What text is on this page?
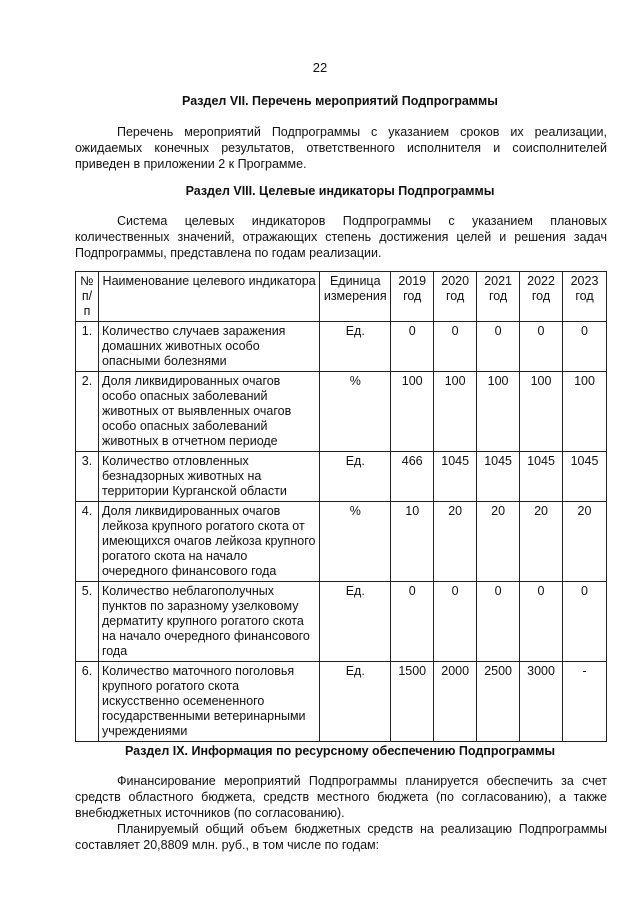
22
Раздел VII. Перечень мероприятий Подпрограммы
Перечень мероприятий Подпрограммы с указанием сроков их реализации, ожидаемых конечных результатов, ответственного исполнителя и соисполнителей приведен в приложении 2 к Программе.
Раздел VIII. Целевые индикаторы Подпрограммы
Система целевых индикаторов Подпрограммы с указанием плановых количественных значений, отражающих степень достижения целей и решения задач Подпрограммы, представлена по годам реализации.
№ п/п	Наименование целевого индикатора	Единица измерения	2019 год	2020 год	2021 год	2022 год	2023 год
1.	Количество случаев заражения домашних животных особо опасными болезнями	Ед.	0	0	0	0	0
2.	Доля ликвидированных очагов особо опасных заболеваний животных от выявленных очагов особо опасных заболеваний животных в отчетном периоде	%	100	100	100	100	100
3.	Количество отловленных безнадзорных животных на территории Курганской области	Ед.	466	1045	1045	1045	1045
4.	Доля ликвидированных очагов лейкоза крупного рогатого скота от имеющихся очагов лейкоза крупного рогатого скота на начало очередного финансового года	%	10	20	20	20	20
5.	Количество неблагополучных пунктов по заразному узелковому дерматиту крупного рогатого скота на начало очередного финансового года	Ед.	0	0	0	0	0
6.	Количество маточного поголовья крупного рогатого скота искусственно осемененного государственными ветеринарными учреждениями	Ед.	1500	2000	2500	3000	-
Раздел IX. Информация по ресурсному обеспечению Подпрограммы
Финансирование мероприятий Подпрограммы планируется обеспечить за счет средств областного бюджета, средств местного бюджета (по согласованию), а также внебюджетных источников (по согласованию).
Планируемый общий объем бюджетных средств на реализацию Подпрограммы составляет 20,8809 млн. руб., в том числе по годам:
